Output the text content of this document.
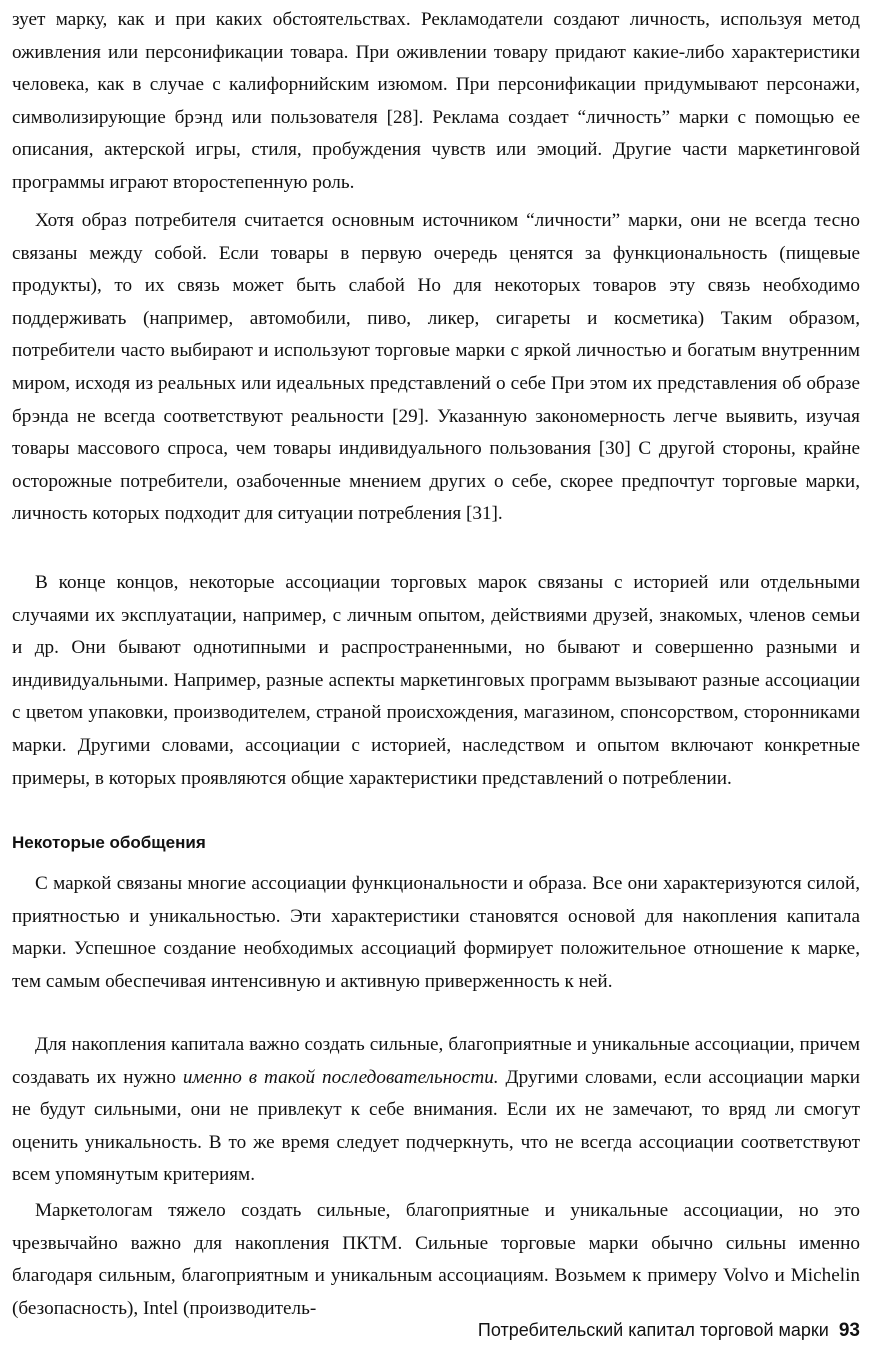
зует марку, как и при каких обстоятельствах. Рекламодатели создают личность, используя метод оживления или персонификации товара. При оживлении товару придают какие-либо характеристики человека, как в случае с калифорнийским изюмом. При персонификации придумывают персонажи, символизирующие брэнд или пользователя [28]. Реклама создает “личность” марки с помощью ее описания, актерской игры, стиля, пробуждения чувств или эмоций. Другие части маркетинговой программы играют второстепенную роль.

Хотя образ потребителя считается основным источником “личности” марки, они не всегда тесно связаны между собой. Если товары в первую очередь ценятся за функциональность (пищевые продукты), то их связь может быть слабой Но для некоторых товаров эту связь необходимо поддерживать (например, автомобили, пиво, ликер, сигареты и косметика) Таким образом, потребители часто выбирают и используют торговые марки с яркой личностью и богатым внутренним миром, исходя из реальных или идеальных представлений о себе При этом их представления об образе брэнда не всегда соответствуют реальности [29]. Указанную закономерность легче выявить, изучая товары массового спроса, чем товары индивидуального пользования [30] С другой стороны, крайне осторожные потребители, озабоченные мнением других о себе, скорее предпочтут торговые марки, личность которых подходит для ситуации потребления [31].

В конце концов, некоторые ассоциации торговых марок связаны с историей или отдельными случаями их эксплуатации, например, с личным опытом, действиями друзей, знакомых, членов семьи и др. Они бывают однотипными и распространенными, но бывают и совершенно разными и индивидуальными. Например, разные аспекты маркетинговых программ вызывают разные ассоциации с цветом упаковки, производителем, страной происхождения, магазином, спонсорством, сторонниками марки. Другими словами, ассоциации с историей, наследством и опытом включают конкретные примеры, в которых проявляются общие характеристики представлений о потреблении.

Некоторые обобщения

С маркой связаны многие ассоциации функциональности и образа. Все они характеризуются силой, приятностью и уникальностью. Эти характеристики становятся основой для накопления капитала марки. Успешное создание необходимых ассоциаций формирует положительное отношение к марке, тем самым обеспечивая интенсивную и активную приверженность к ней.

Для накопления капитала важно создать сильные, благоприятные и уникальные ассоциации, причем создавать их нужно именно в такой последовательности. Другими словами, если ассоциации марки не будут сильными, они не привлекут к себе внимания. Если их не замечают, то вряд ли смогут оценить уникальность. В то же время следует подчеркнуть, что не всегда ассоциации соответствуют всем упомянутым критериям.

Маркетологам тяжело создать сильные, благоприятные и уникальные ассоциации, но это чрезвычайно важно для накопления ПКТМ. Сильные торговые марки обычно сильны именно благодаря сильным, благоприятным и уникальным ассоциациям. Возьмем к примеру Volvo и Michelin (безопасность), Intel (производитель-

Потребительский капитал торговой марки 93
